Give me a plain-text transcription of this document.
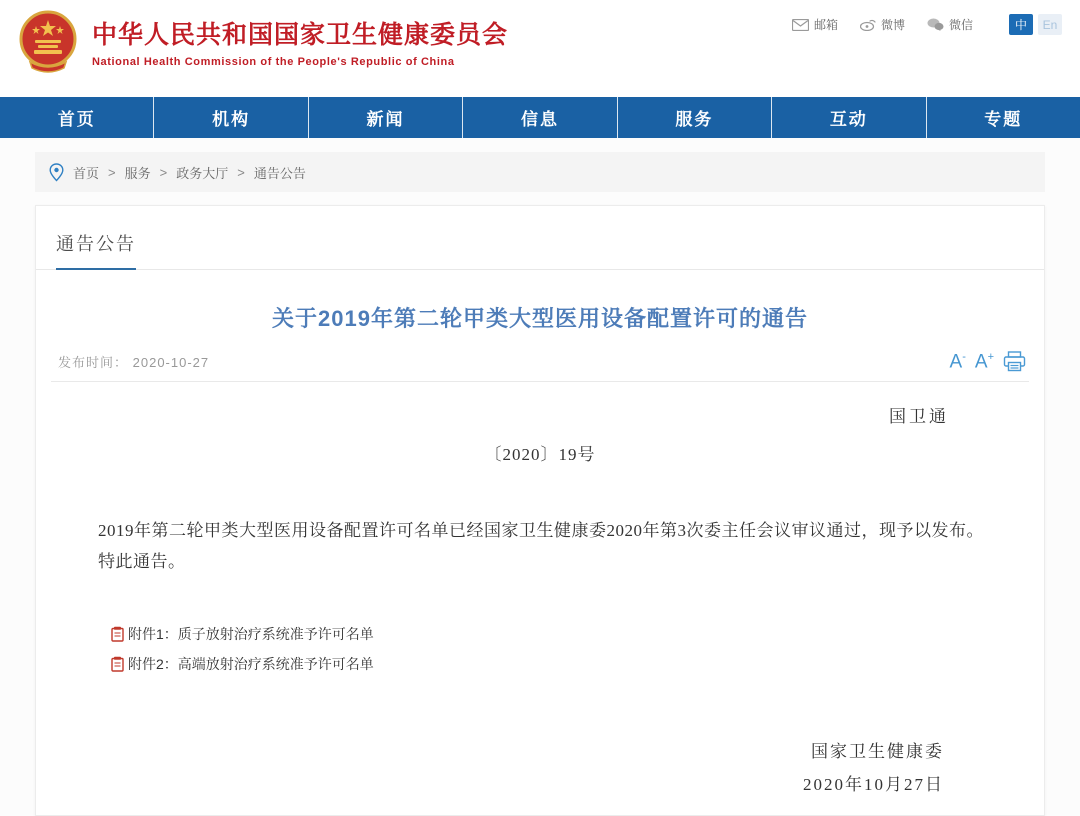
中华人民共和国国家卫生健康委员会
National Health Commission of the People's Republic of China
邮箱	微博	微信	中	En
首页	机构	新闻	信息	服务	互动	专题
首页 > 服务 > 政务大厅 > 通告公告
通告公告
关于2019年第二轮甲类大型医用设备配置许可的通告
发布时间： 2020-10-27	A- A+
国卫通
〔2020〕19号

2019年第二轮甲类大型医用设备配置许可名单已经国家卫生健康委2020年第3次委主任会议审议通过，现予以发布。

特此通告。

附件1：质子放射治疗系统准予许可名单
附件2：高端放射治疗系统准予许可名单
国家卫生健康委
2020年10月27日
